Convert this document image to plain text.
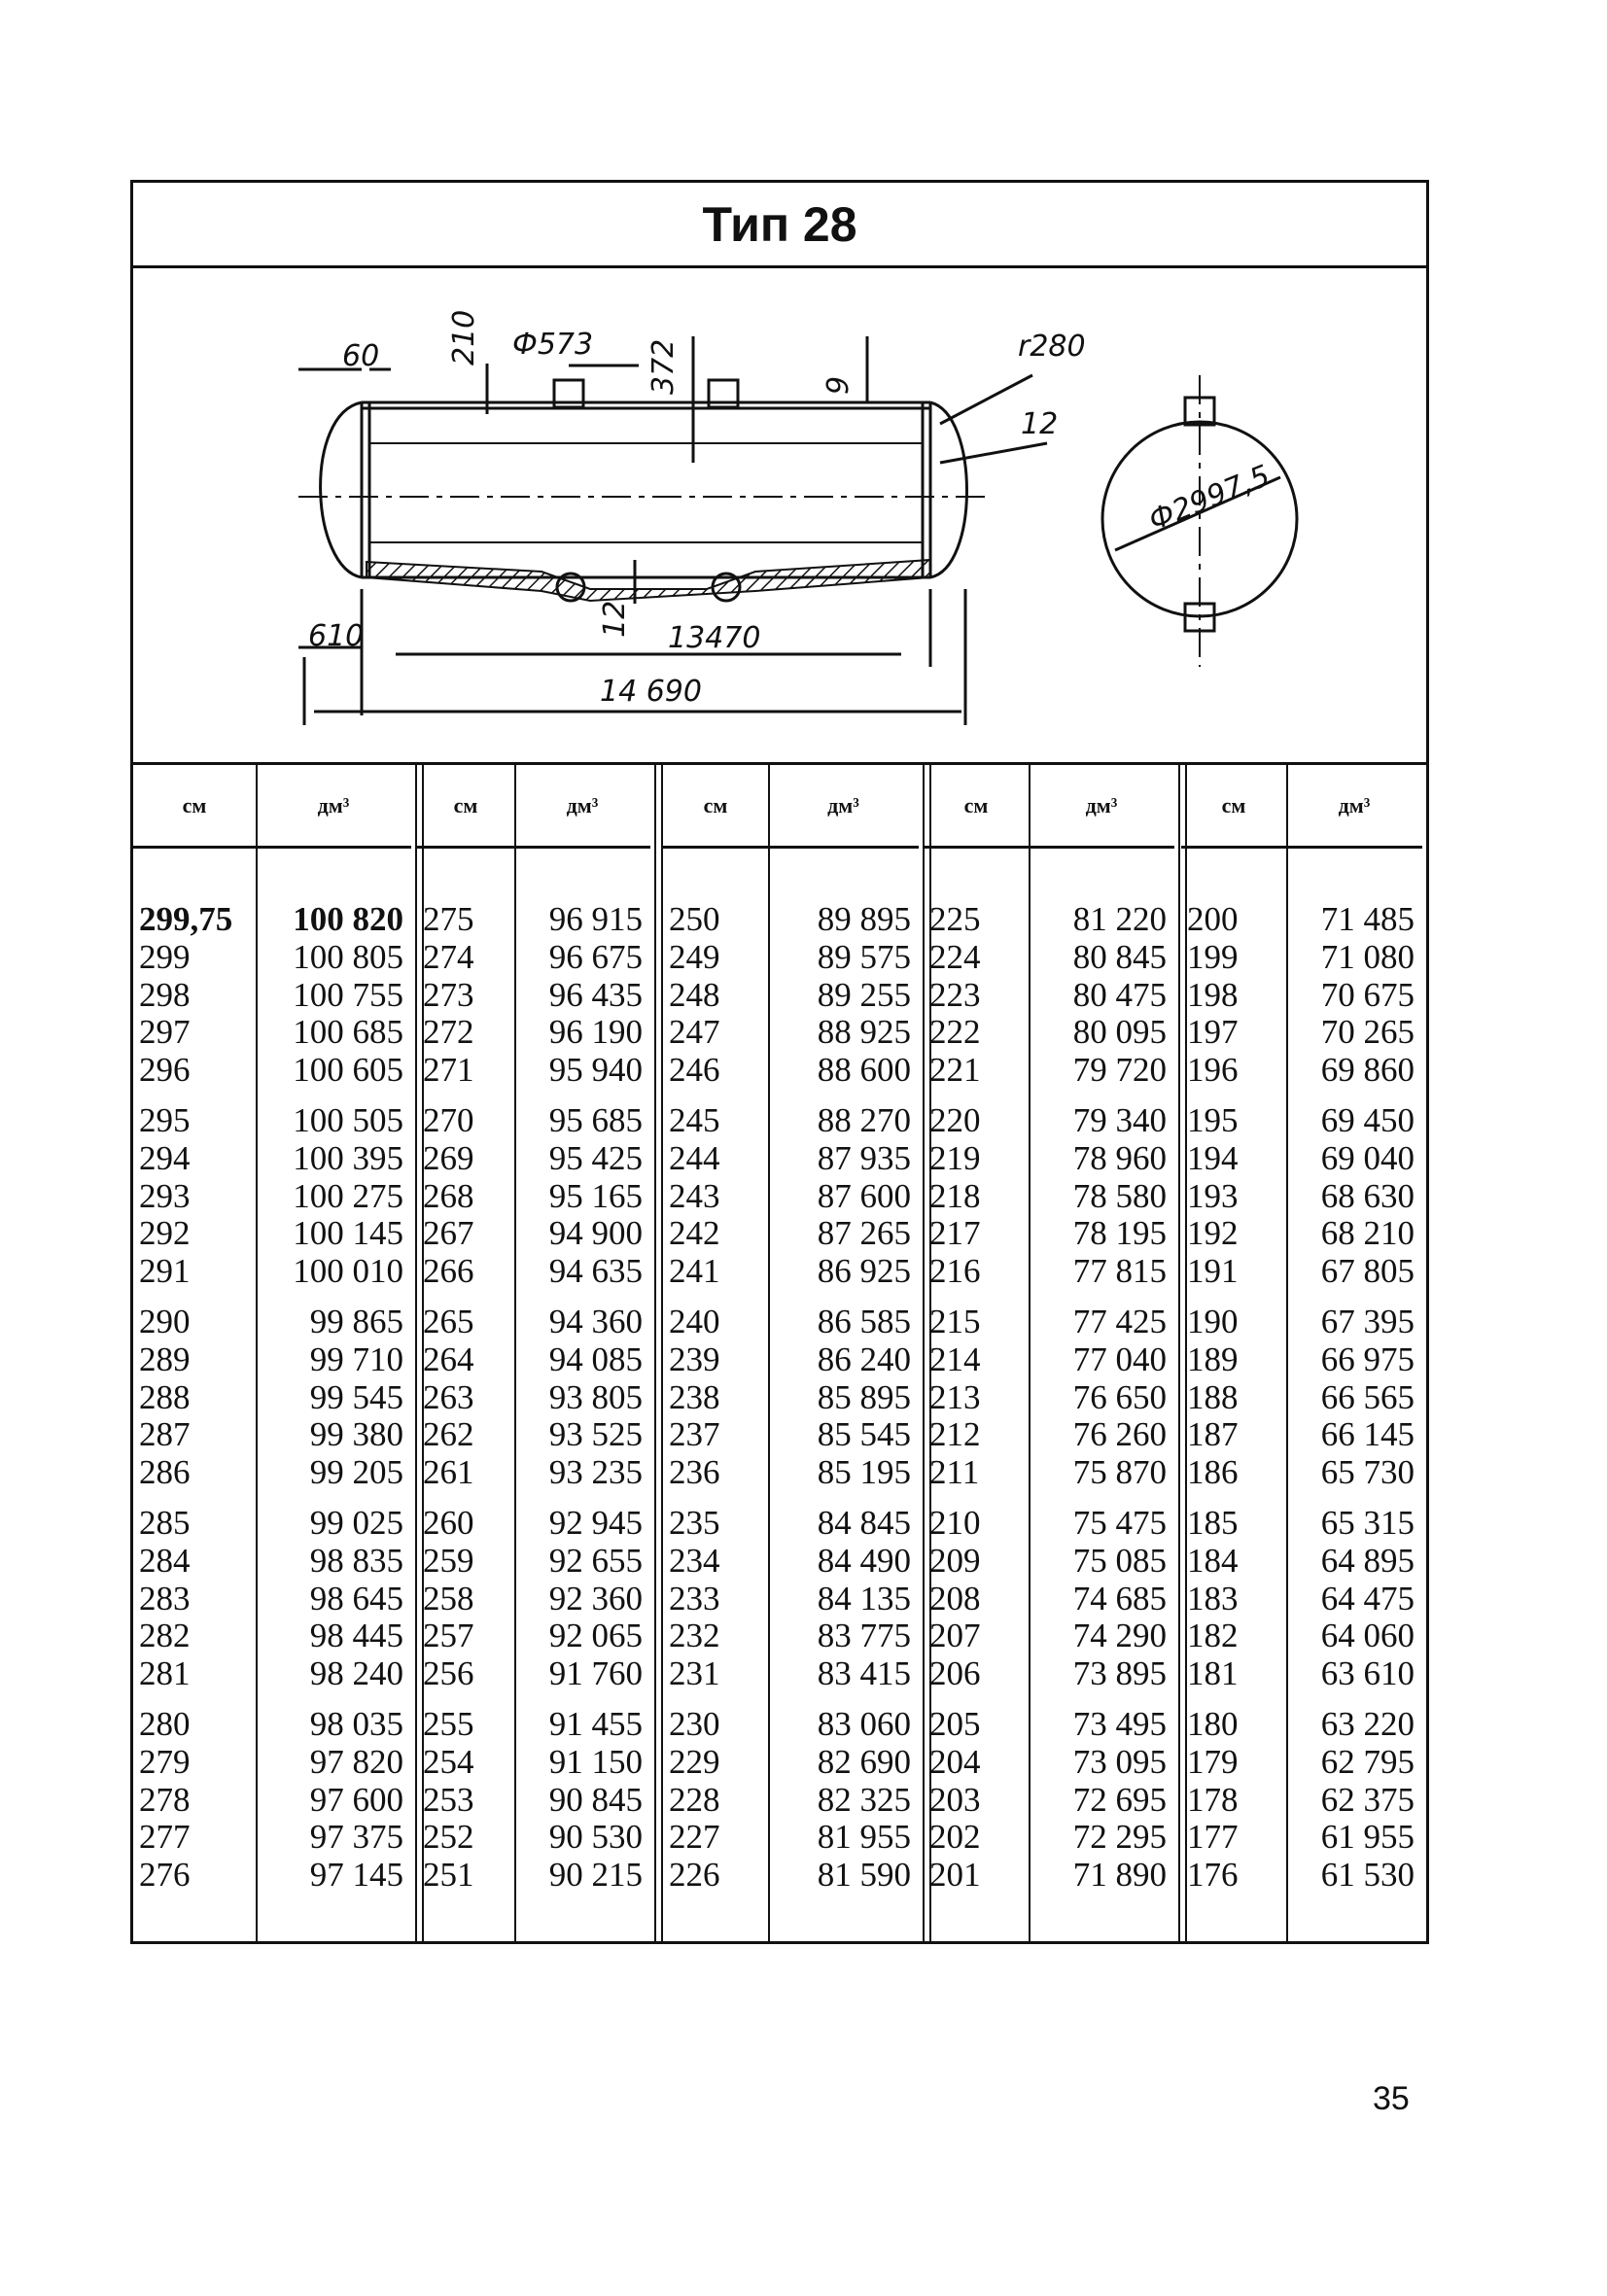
Тип 28
60 210 Ф573 372	9
r280
12
Ф2997,5
12
13470
610
14 690
см	дм³
299,75	100 820
299	100 805
298	100 755
297	100 685
296	100 605
295	100 505
294	100 395
293	100 275
292	100 145
291	100 010
290	99 865
289	99 710
288	99 545
287	99 380
286	99 205
285	99 025
284	98 835
283	98 645
282	98 445
281	98 240
280	98 035
279	97 820
278	97 600
277	97 375
276	97 145
см	дм³
275	96 915
274	96 675
273	96 435
272	96 190
271	95 940
270	95 685
269	95 425
268	95 165
267	94 900
266	94 635
265	94 360
264	94 085
263	93 805
262	93 525
261	93 235
260	92 945
259	92 655
258	92 360
257	92 065
256	91 760
255	91 455
254	91 150
253	90 845
252	90 530
251	90 215
см	дм³
250	89 895
249	89 575
248	89 255
247	88 925
246	88 600
245	88 270
244	87 935
243	87 600
242	87 265
241	86 925
240	86 585
239	86 240
238	85 895
237	85 545
236	85 195
235	84 845
234	84 490
233	84 135
232	83 775
231	83 415
230	83 060
229	82 690
228	82 325
227	81 955
226	81 590
см	дм³
225	81 220
224	80 845
223	80 475
222	80 095
221	79 720
220	79 340
219	78 960
218	78 580
217	78 195
216	77 815
215	77 425
214	77 040
213	76 650
212	76 260
211	75 870
210	75 475
209	75 085
208	74 685
207	74 290
206	73 895
205	73 495
204	73 095
203	72 695
202	72 295
201	71 890
см	дм³
200	71 485
199	71 080
198	70 675
197	70 265
196	69 860
195	69 450
194	69 040
193	68 630
192	68 210
191	67 805
190	67 395
189	66 975
188	66 565
187	66 145
186	65 730
185	65 315
184	64 895
183	64 475
182	64 060
181	63 610
180	63 220
179	62 795
178	62 375
177	61 955
176	61 530
35
